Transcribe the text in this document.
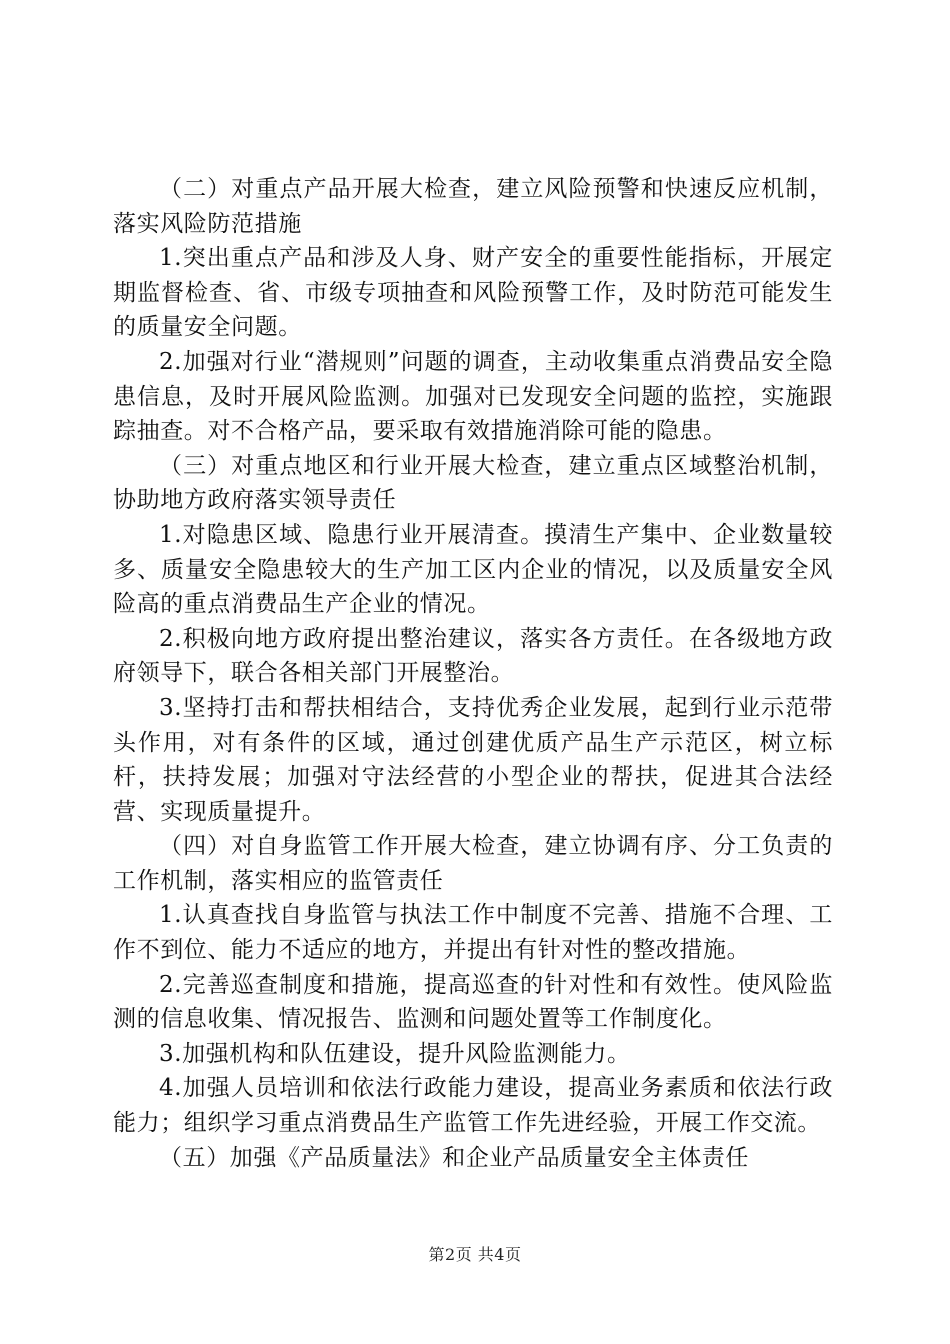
（二）对重点产品开展大检查，建立风险预警和快速反应机制，落实风险防范措施

1.突出重点产品和涉及人身、财产安全的重要性能指标，开展定期监督检查、省、市级专项抽查和风险预警工作，及时防范可能发生的质量安全问题。

2.加强对行业“潜规则”问题的调查，主动收集重点消费品安全隐患信息，及时开展风险监测。加强对已发现安全问题的监控，实施跟踪抽查。对不合格产品，要采取有效措施消除可能的隐患。

（三）对重点地区和行业开展大检查，建立重点区域整治机制，协助地方政府落实领导责任

1.对隐患区域、隐患行业开展清查。摸清生产集中、企业数量较多、质量安全隐患较大的生产加工区内企业的情况，以及质量安全风险高的重点消费品生产企业的情况。

2.积极向地方政府提出整治建议，落实各方责任。在各级地方政府领导下，联合各相关部门开展整治。

3.坚持打击和帮扶相结合，支持优秀企业发展，起到行业示范带头作用，对有条件的区域，通过创建优质产品生产示范区，树立标杆，扶持发展；加强对守法经营的小型企业的帮扶，促进其合法经营、实现质量提升。

（四）对自身监管工作开展大检查，建立协调有序、分工负责的工作机制，落实相应的监管责任

1.认真查找自身监管与执法工作中制度不完善、措施不合理、工作不到位、能力不适应的地方，并提出有针对性的整改措施。

2.完善巡查制度和措施，提高巡查的针对性和有效性。使风险监测的信息收集、情况报告、监测和问题处置等工作制度化。

3.加强机构和队伍建设，提升风险监测能力。

4.加强人员培训和依法行政能力建设，提高业务素质和依法行政能力；组织学习重点消费品生产监管工作先进经验，开展工作交流。

（五）加强《产品质量法》和企业产品质量安全主体责任

第2页 共4页
